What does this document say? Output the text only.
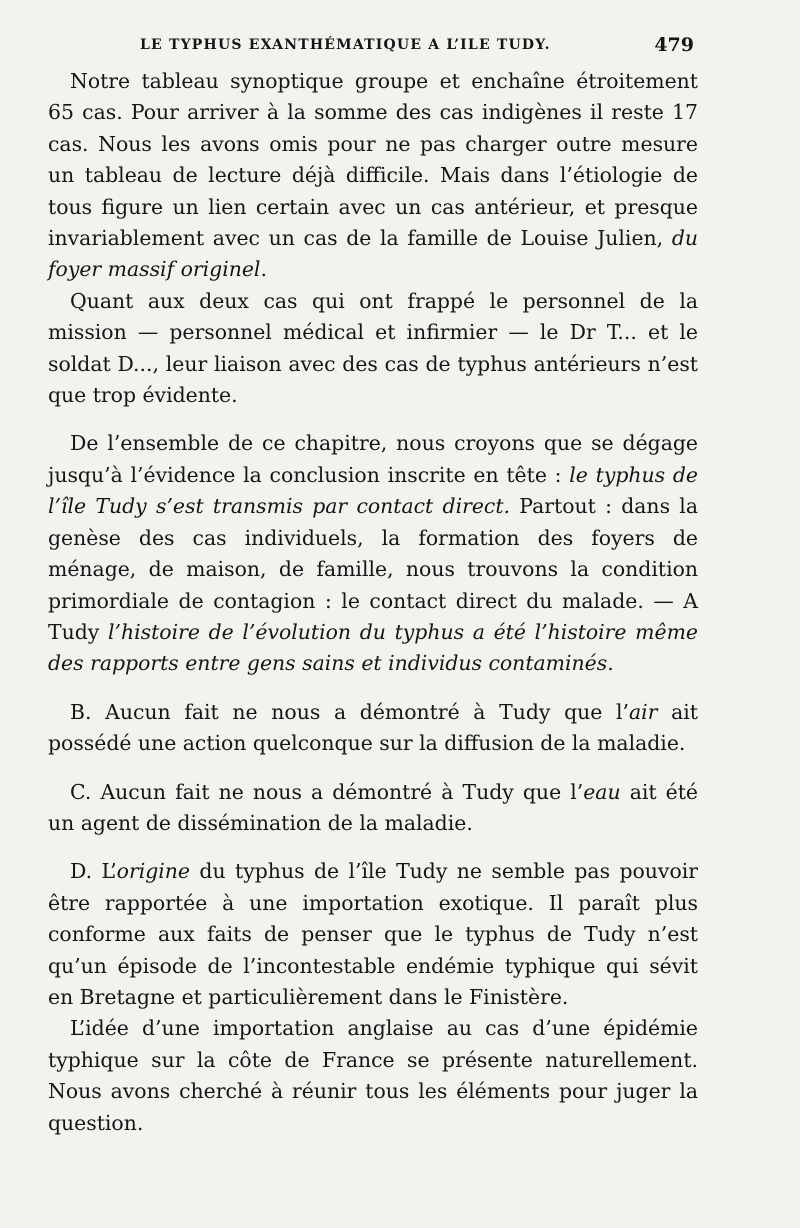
LE TYPHUS EXANTHÉMATIQUE A L’ILE TUDY.	479

Notre tableau synoptique groupe et enchaîne étroitement 65 cas. Pour arriver à la somme des cas indigènes il reste 17 cas. Nous les avons omis pour ne pas charger outre mesure un tableau de lecture déjà difficile. Mais dans l’étiologie de tous figure un lien certain avec un cas antérieur, et presque invariablement avec un cas de la famille de Louise Julien, du foyer massif originel.

Quant aux deux cas qui ont frappé le personnel de la mission — personnel médical et infirmier — le Dr T... et le soldat D..., leur liaison avec des cas de typhus antérieurs n’est que trop évidente.

De l’ensemble de ce chapitre, nous croyons que se dégage jusqu’à l’évidence la conclusion inscrite en tête : le typhus de l’île Tudy s’est transmis par contact direct. Partout : dans la genèse des cas individuels, la formation des foyers de ménage, de maison, de famille, nous trouvons la condition primordiale de contagion : le contact direct du malade. — A Tudy l’histoire de l’évolution du typhus a été l’histoire même des rapports entre gens sains et individus contaminés.

B. Aucun fait ne nous a démontré à Tudy que l’air ait possédé une action quelconque sur la diffusion de la maladie.

C. Aucun fait ne nous a démontré à Tudy que l’eau ait été un agent de dissémination de la maladie.

D. L’origine du typhus de l’île Tudy ne semble pas pouvoir être rapportée à une importation exotique. Il paraît plus conforme aux faits de penser que le typhus de Tudy n’est qu’un épisode de l’incontestable endémie typhique qui sévit en Bretagne et particulièrement dans le Finistère.

L’idée d’une importation anglaise au cas d’une épidémie typhique sur la côte de France se présente naturellement. Nous avons cherché à réunir tous les éléments pour juger la question.
